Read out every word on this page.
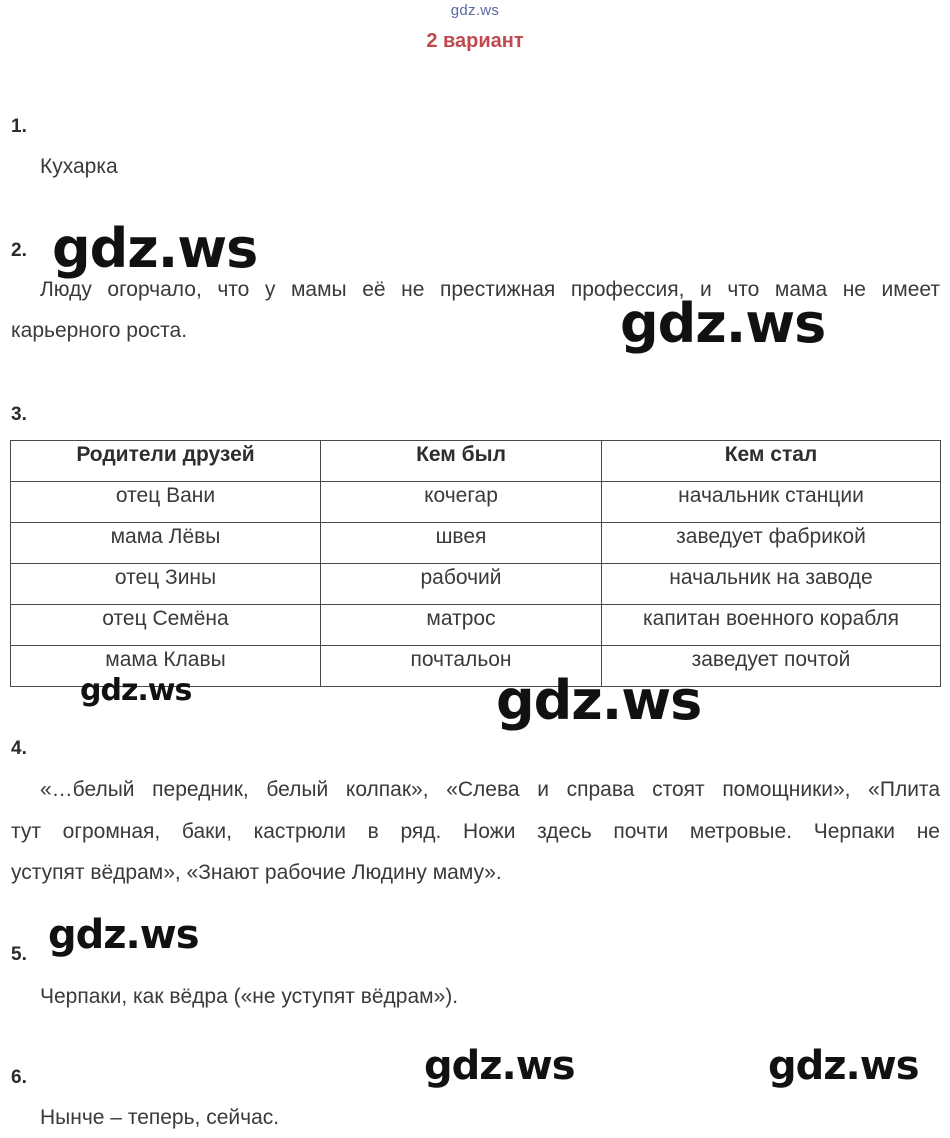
gdz.ws
2 вариант
1.
Кухарка
2.
Люду огорчало, что у мамы её не престижная профессия, и что мама не имеет
карьерного роста.
3.
Родители друзей	Кем был	Кем стал
отец Вани	кочегар	начальник станции
мама Лёвы	швея	заведует фабрикой
отец Зины	рабочий	начальник на заводе
отец Семёна	матрос	капитан военного корабля
мама Клавы	почтальон	заведует почтой
4.
«…белый передник, белый колпак», «Слева и справа стоят помощники», «Плита
тут огромная, баки, кастрюли в ряд. Ножи здесь почти метровые. Черпаки не
уступят вёдрам», «Знают рабочие Людину маму».
5.
Черпаки, как вёдра («не уступят вёдрам»).
6.
Нынче – теперь, сейчас.
gdz.ws
gdz.ws
gdz.ws	gdz.ws
gdz.ws
gdz.ws	gdz.ws
